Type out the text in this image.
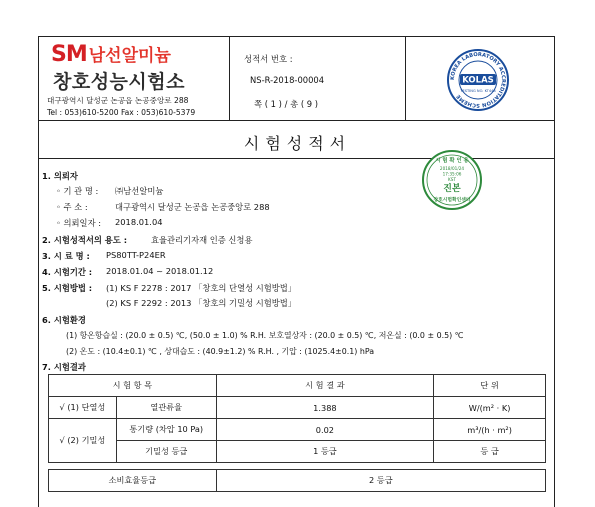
SM 남선알미늄
창호성능시험소
대구광역시 달성군 논공읍 논공중앙로 288
Tel : 053)610-5200 Fax : 053)610-5379
성적서 번호 :
NS-R-2018-00004
쪽 ( 1 ) / 총 ( 9 )
KOREA LABORATORY ACCREDITATION SCHEME
KOLAS
TESTING NO. KT448
시험성적서
시 험 확 인 용
2018/01/24
17:35:06
KST
진본
창호시험확인센터
1. 의뢰자
◦ 기 관 명 : ㈜남선알미늄
◦ 주 소 :	대구광역시 달성군 논공읍 논공중앙로 288
◦ 의뢰일자 : 2018.01.04
2. 시험성적서의 용도 :	효율관리기자재 인증 신청용
3. 시 료 명 : PS80TT-P24ER
4. 시험기간 : 2018.01.04 ~ 2018.01.12
5. 시험방법 : (1) KS F 2278 : 2017 「창호의 단열성 시험방법」
(2) KS F 2292 : 2013 「창호의 기밀성 시험방법」
6. 시험환경
(1) 항온항습실 : (20.0 ± 0.5) ℃, (50.0 ± 1.0) % R.H. 보호열상자 : (20.0 ± 0.5) ℃, 저온실 : (0.0 ± 0.5) ℃
(2) 온도 : (10.4±0.1) ℃ , 상대습도 : (40.9±1.2) % R.H. , 기압 : (1025.4±0.1) hPa
7. 시험결과
시 험 항 목		시 험 결 과	단 위
√ (1) 단열성	열관류율	1.388	W/(m² · K)
√ (2) 기밀성	통기량 (차압 10 Pa)	0.02	m³/(h · m²)
	기밀성 등급	1 등급	등 급

소비효율등급		2 등급	
